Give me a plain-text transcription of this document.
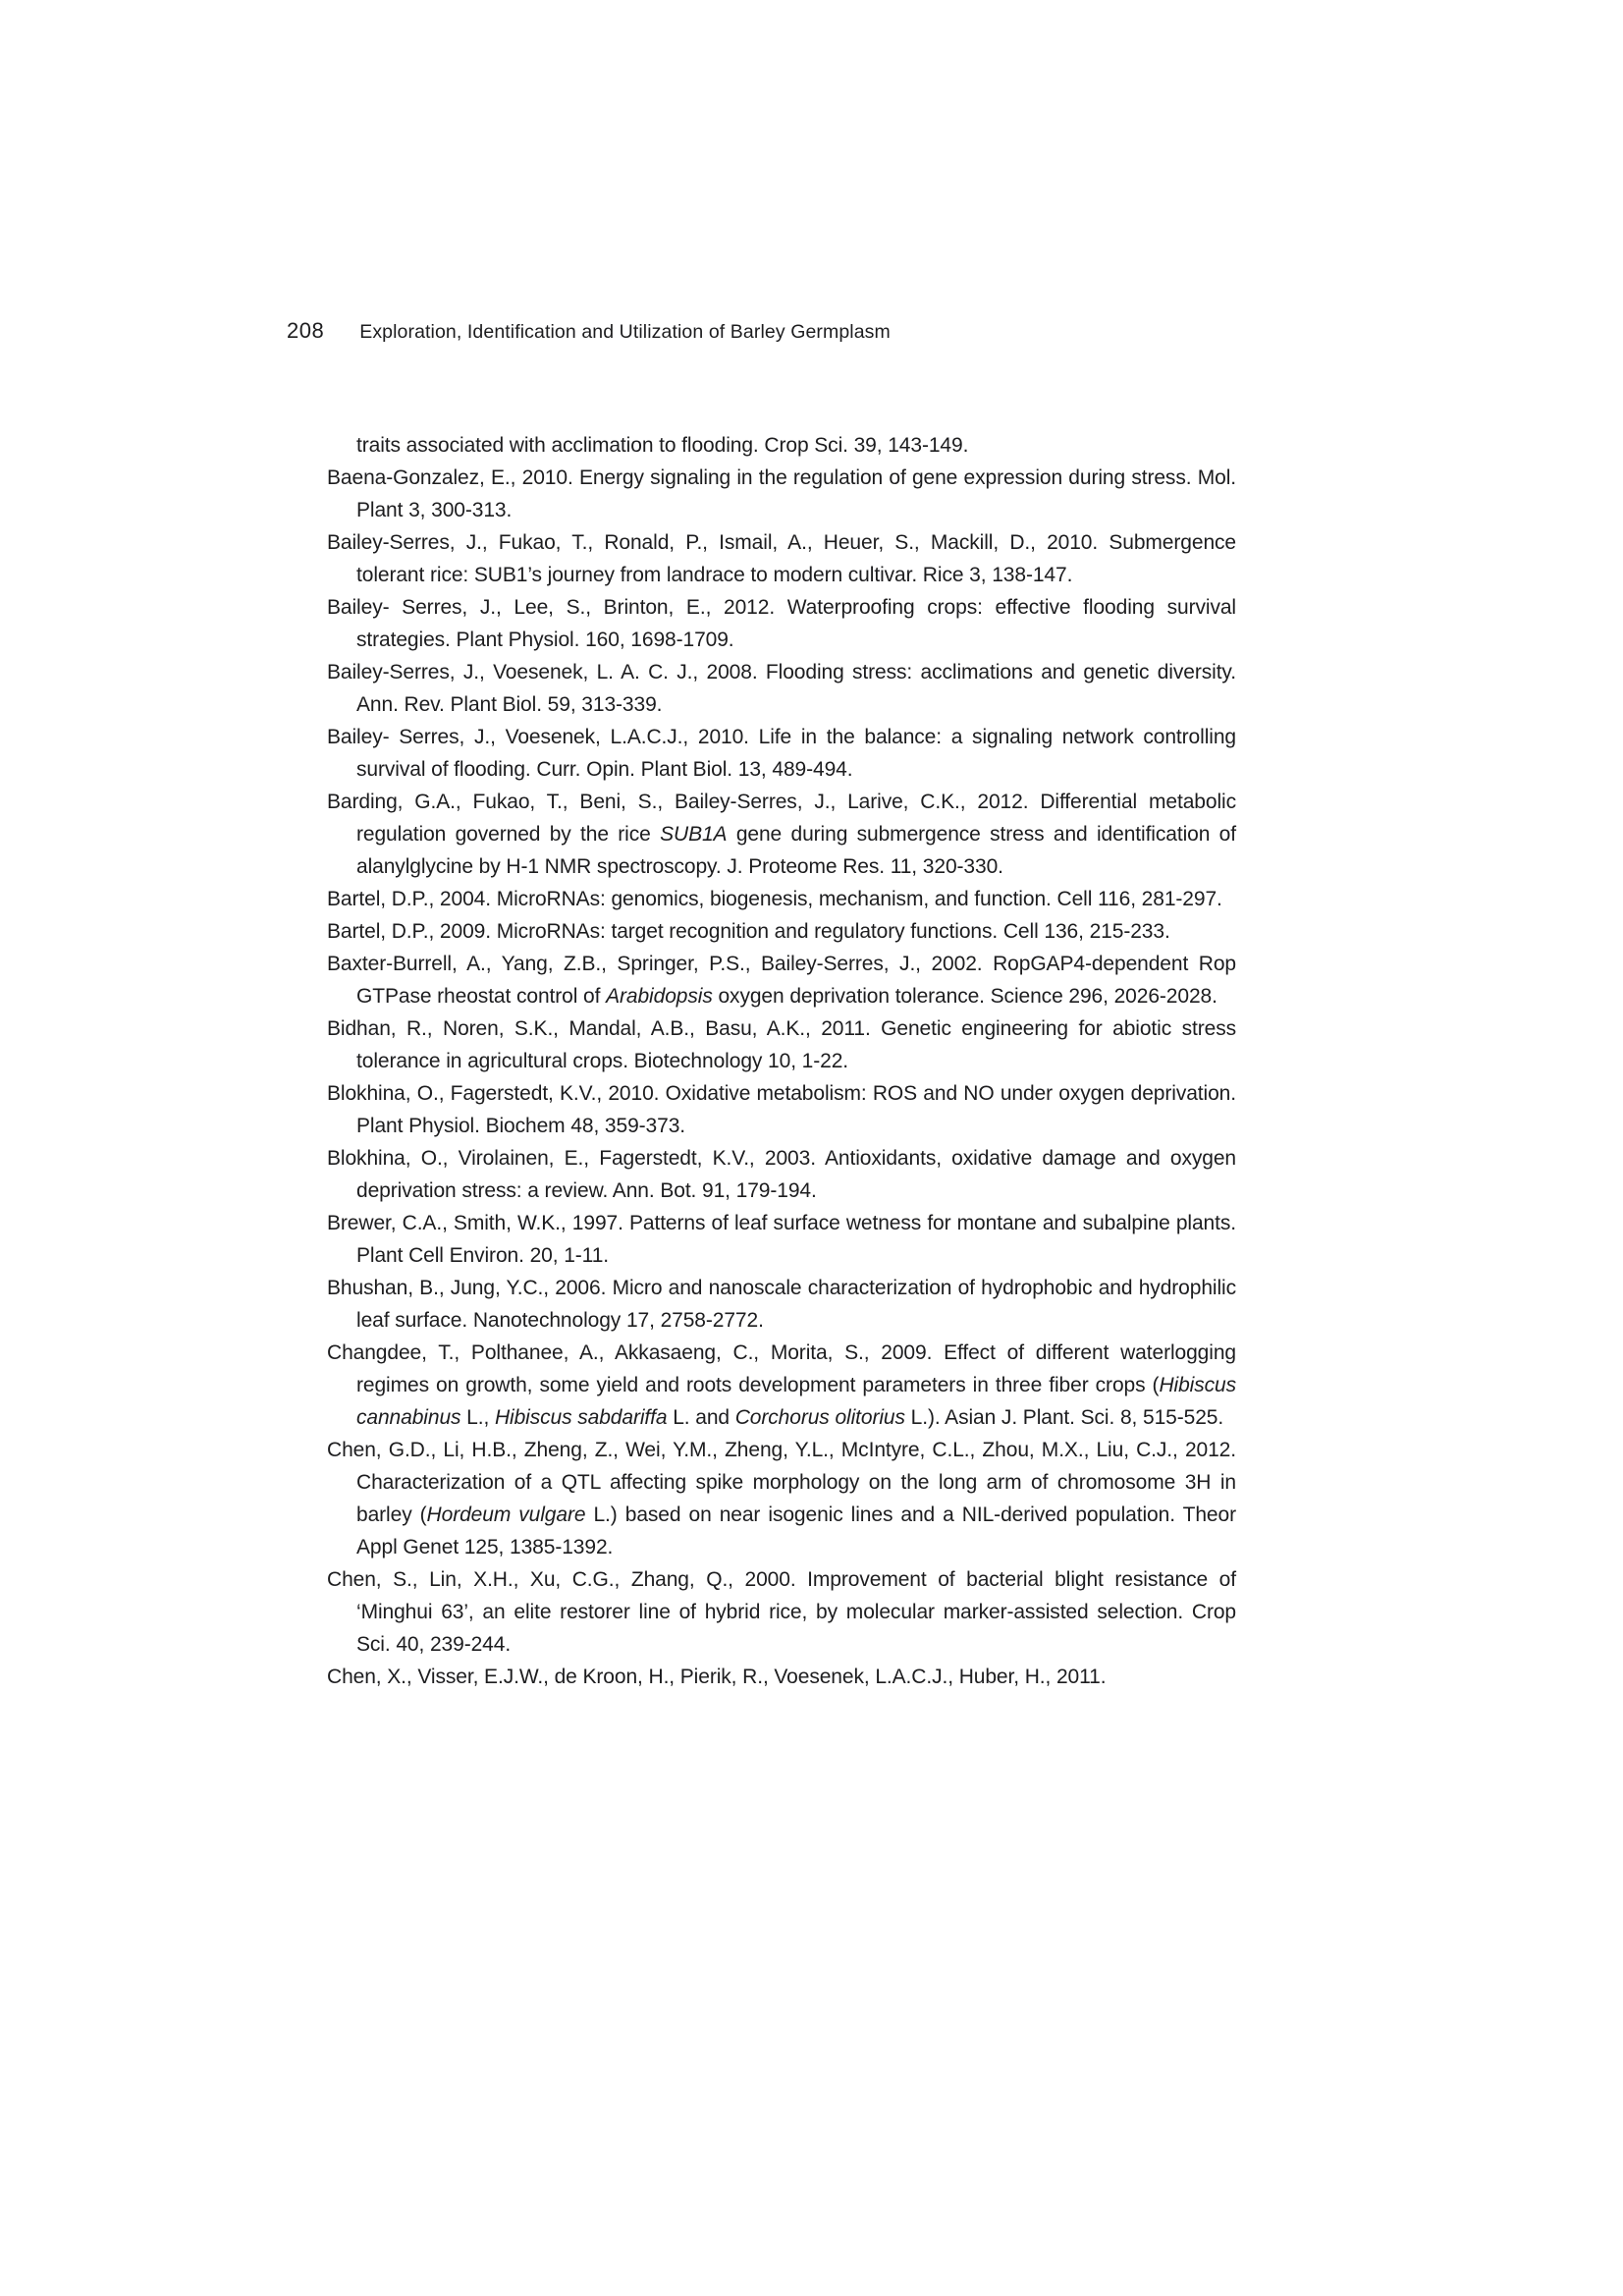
208 Exploration, Identification and Utilization of Barley Germplasm

traits associated with acclimation to flooding. Crop Sci. 39, 143-149.

Baena-Gonzalez, E., 2010. Energy signaling in the regulation of gene expression during stress. Mol. Plant 3, 300-313.

Bailey-Serres, J., Fukao, T., Ronald, P., Ismail, A., Heuer, S., Mackill, D., 2010. Submergence tolerant rice: SUB1’s journey from landrace to modern cultivar. Rice 3, 138-147.

Bailey- Serres, J., Lee, S., Brinton, E., 2012. Waterproofing crops: effective flooding survival strategies. Plant Physiol. 160, 1698-1709.

Bailey-Serres, J., Voesenek, L. A. C. J., 2008. Flooding stress: acclimations and genetic diversity. Ann. Rev. Plant Biol. 59, 313-339.

Bailey- Serres, J., Voesenek, L.A.C.J., 2010. Life in the balance: a signaling network controlling survival of flooding. Curr. Opin. Plant Biol. 13, 489-494.

Barding, G.A., Fukao, T., Beni, S., Bailey-Serres, J., Larive, C.K., 2012. Differential metabolic regulation governed by the rice SUB1A gene during submergence stress and identification of alanylglycine by H-1 NMR spectroscopy. J. Proteome Res. 11, 320-330.

Bartel, D.P., 2004. MicroRNAs: genomics, biogenesis, mechanism, and function. Cell 116, 281-297.

Bartel, D.P., 2009. MicroRNAs: target recognition and regulatory functions. Cell 136, 215-233.

Baxter-Burrell, A., Yang, Z.B., Springer, P.S., Bailey-Serres, J., 2002. RopGAP4-dependent Rop GTPase rheostat control of Arabidopsis oxygen deprivation tolerance. Science 296, 2026-2028.

Bidhan, R., Noren, S.K., Mandal, A.B., Basu, A.K., 2011. Genetic engineering for abiotic stress tolerance in agricultural crops. Biotechnology 10, 1-22.

Blokhina, O., Fagerstedt, K.V., 2010. Oxidative metabolism: ROS and NO under oxygen deprivation. Plant Physiol. Biochem 48, 359-373.

Blokhina, O., Virolainen, E., Fagerstedt, K.V., 2003. Antioxidants, oxidative damage and oxygen deprivation stress: a review. Ann. Bot. 91, 179-194.

Brewer, C.A., Smith, W.K., 1997. Patterns of leaf surface wetness for montane and subalpine plants. Plant Cell Environ. 20, 1-11.

Bhushan, B., Jung, Y.C., 2006. Micro and nanoscale characterization of hydrophobic and hydrophilic leaf surface. Nanotechnology 17, 2758-2772.

Changdee, T., Polthanee, A., Akkasaeng, C., Morita, S., 2009. Effect of different waterlogging regimes on growth, some yield and roots development parameters in three fiber crops (Hibiscus cannabinus L., Hibiscus sabdariffa L. and Corchorus olitorius L.). Asian J. Plant. Sci. 8, 515-525.

Chen, G.D., Li, H.B., Zheng, Z., Wei, Y.M., Zheng, Y.L., McIntyre, C.L., Zhou, M.X., Liu, C.J., 2012. Characterization of a QTL affecting spike morphology on the long arm of chromosome 3H in barley (Hordeum vulgare L.) based on near isogenic lines and a NIL-derived population. Theor Appl Genet 125, 1385-1392.

Chen, S., Lin, X.H., Xu, C.G., Zhang, Q., 2000. Improvement of bacterial blight resistance of ‘Minghui 63’, an elite restorer line of hybrid rice, by molecular marker-assisted selection. Crop Sci. 40, 239-244.

Chen, X., Visser, E.J.W., de Kroon, H., Pierik, R., Voesenek, L.A.C.J., Huber, H., 2011.
